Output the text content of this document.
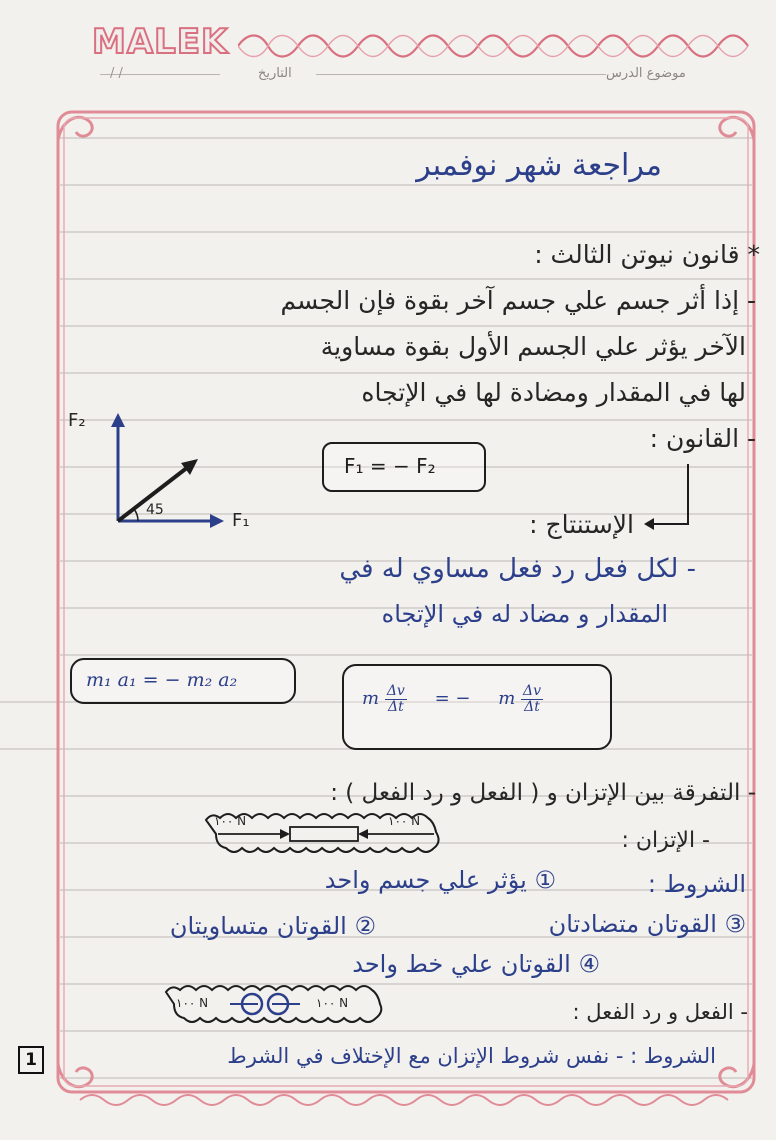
MALEK
/ /	التاريخ	موضوع الدرس
مراجعة شهر نوفمبر
* قانون نيوتن الثالث :
- إذا أثر جسم علي جسم آخر بقوة فإن الجسم
الآخر يؤثر علي الجسم الأول بقوة مساوية
لها في المقدار ومضادة لها في الإتجاه
- القانون :
F₁ = − F₂
الإستنتاج :
F₂
F₁
45
- لكل فعل رد فعل مساوي له في
المقدار و مضاد له في الإتجاه
m₁ a₁ = − m₂ a₂
m $\frac{\Delta v}{\Delta t}$ = − m $\frac{\Delta v}{\Delta t}$
- التفرقة بين الإتزان و ( الفعل و رد الفعل ) :
١٠٠ N	١٠٠ N
- الإتزان :
الشروط :
① يؤثر علي جسم واحد
③ القوتان متضادتان
② القوتان متساويتان
④ القوتان علي خط واحد
١٠٠ N	١٠٠ N	- الفعل و رد الفعل :
الشروط : - نفس شروط الإتزان مع الإختلاف في الشرط
1
